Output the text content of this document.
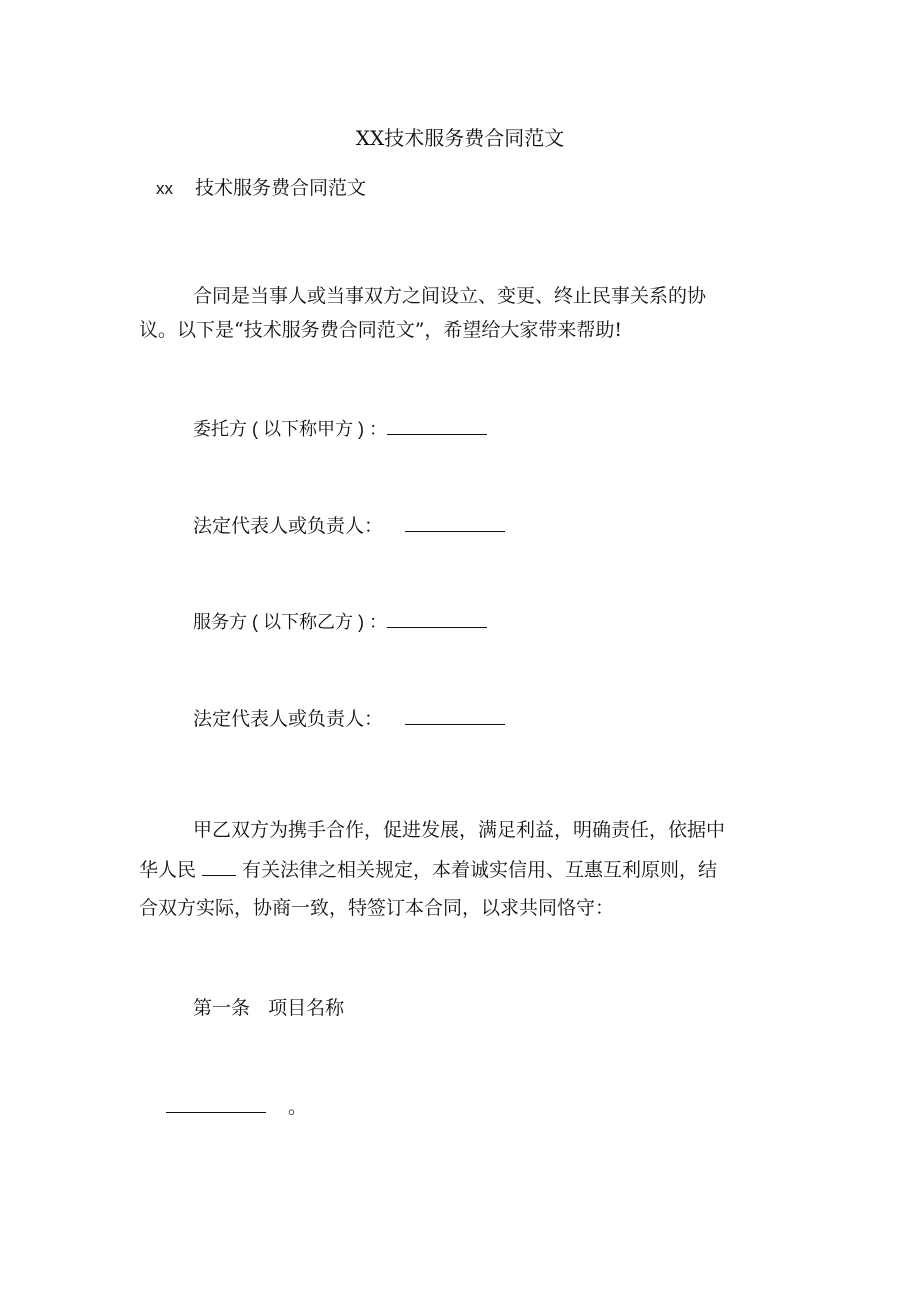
XX技术服务费合同范文
xx 技术服务费合同范文
合同是当事人或当事双方之间设立、变更、终止民事关系的协
议。以下是“技术服务费合同范文”，希望给大家带来帮助!
委托方 ( 以下称甲方 ) ：
法定代表人或负责人：
服务方 ( 以下称乙方 ) ：
法定代表人或负责人：
甲乙双方为携手合作，促进发展，满足利益，明确责任，依据中
华人民 有关法律之相关规定，本着诚实信用、互惠互利原则，结
合双方实际，协商一致，特签订本合同，以求共同恪守：
第一条   项目名称
。
